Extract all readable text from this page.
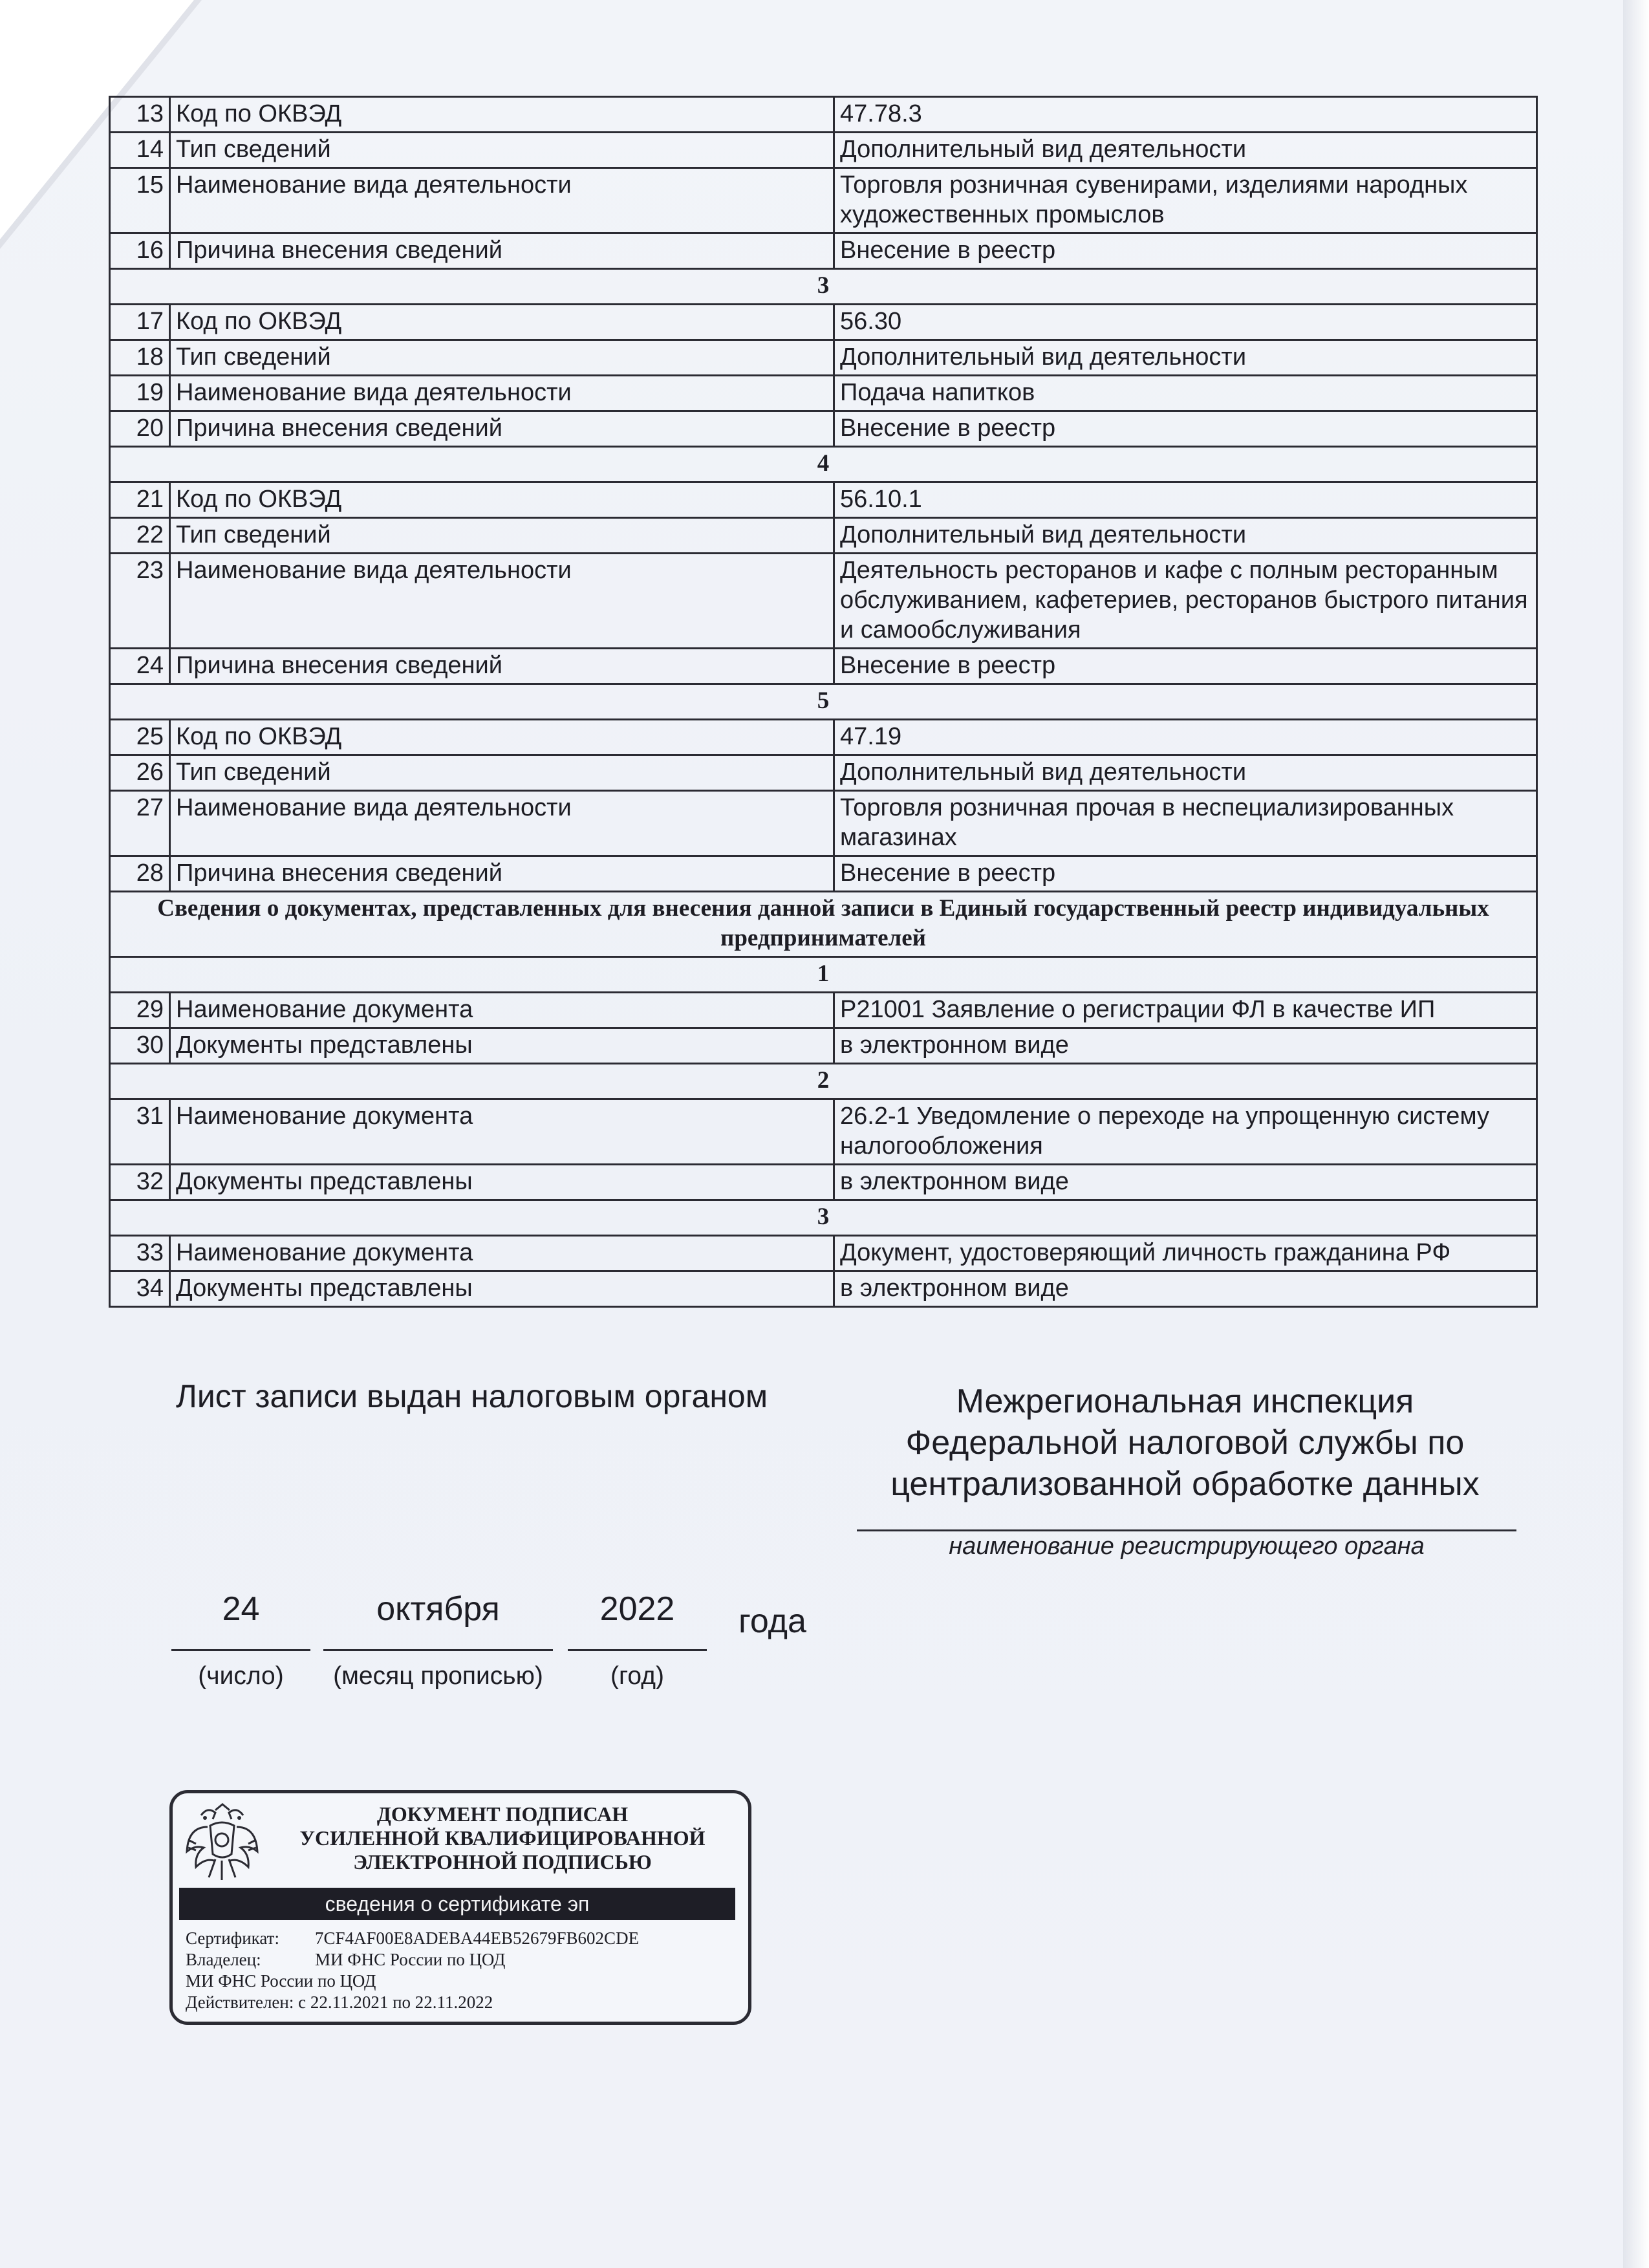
13	Код по ОКВЭД	47.78.3
14	Тип сведений	Дополнительный вид деятельности
15	Наименование вида деятельности	Торговля розничная сувенирами, изделиями народных художественных промыслов
16	Причина внесения сведений	Внесение в реестр
3		
17	Код по ОКВЭД	56.30
18	Тип сведений	Дополнительный вид деятельности
19	Наименование вида деятельности	Подача напитков
20	Причина внесения сведений	Внесение в реестр
4		
21	Код по ОКВЭД	56.10.1
22	Тип сведений	Дополнительный вид деятельности
23	Наименование вида деятельности	Деятельность ресторанов и кафе с полным ресторанным обслуживанием, кафетериев, ресторанов быстрого питания и самообслуживания
24	Причина внесения сведений	Внесение в реестр
5		
25	Код по ОКВЭД	47.19
26	Тип сведений	Дополнительный вид деятельности
27	Наименование вида деятельности	Торговля розничная прочая в неспециализированных магазинах
28	Причина внесения сведений	Внесение в реестр
Сведения о документах, представленных для внесения данной записи в Единый государственный реестр индивидуальных предпринимателей		
1		
29	Наименование документа	Р21001 Заявление о регистрации ФЛ в качестве ИП
30	Документы представлены	в электронном виде
2		
31	Наименование документа	26.2-1 Уведомление о переходе на упрощенную систему налогообложения
32	Документы представлены	в электронном виде
3		
33	Наименование документа	Документ, удостоверяющий личность гражданина РФ
34	Документы представлены	в электронном виде
Лист записи выдан налоговым органом	Межрегиональная инспекция
Федеральной налоговой службы по
централизованной обработке данных
наименование регистрирующего органа
24	октября	2022	года
(число)	(месяц прописью)	(год)
ДОКУМЕНТ ПОДПИСАН
УСИЛЕННОЙ КВАЛИФИЦИРОВАННОЙ
ЭЛЕКТРОННОЙ ПОДПИСЬЮ
сведения о сертификате эп
Сертификат: 7CF4AF00E8ADEBA44EB52679FB602CDE
Владелец:	МИ ФНС России по ЦОД
МИ ФНС России по ЦОД
Действителен: с 22.11.2021 по 22.11.2022
